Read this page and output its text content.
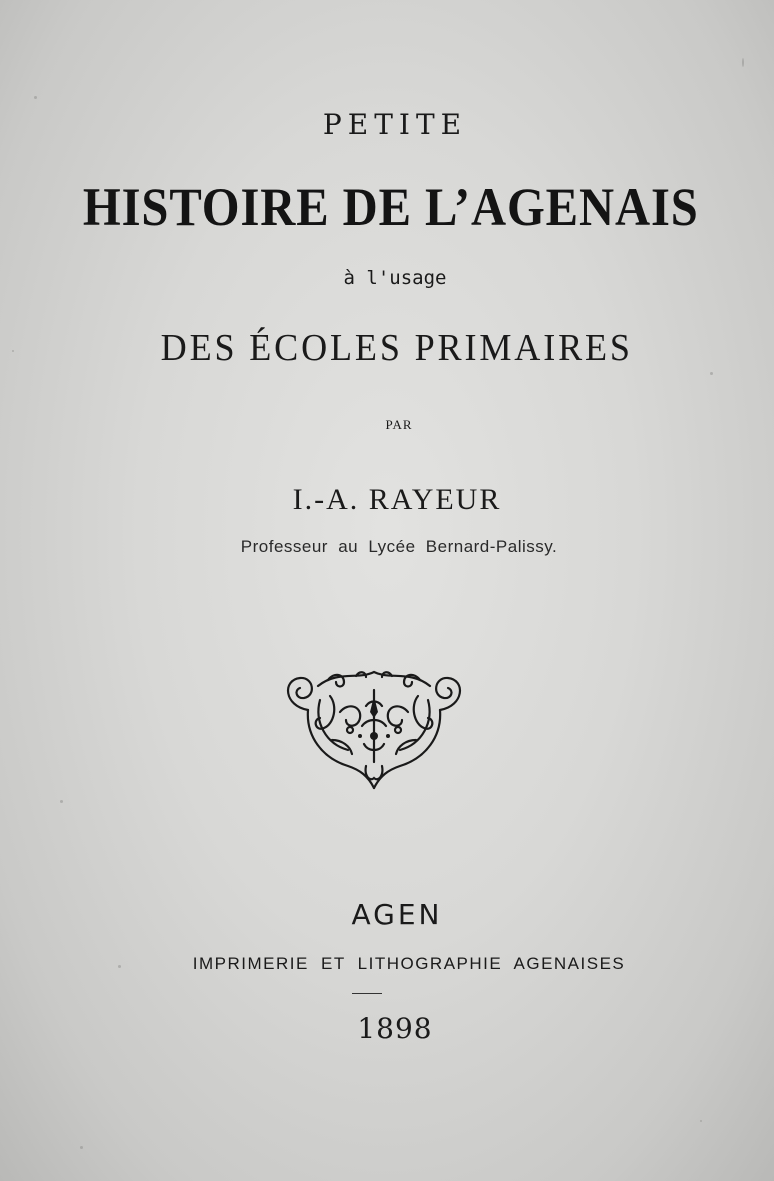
PETITE
HISTOIRE DE L’AGENAIS
à l'usage
DES ÉCOLES PRIMAIRES
PAR
I.-A. RAYEUR
Professeur au Lycée Bernard-Palissy.
AGEN
IMPRIMERIE ET LITHOGRAPHIE AGENAISES
1898
